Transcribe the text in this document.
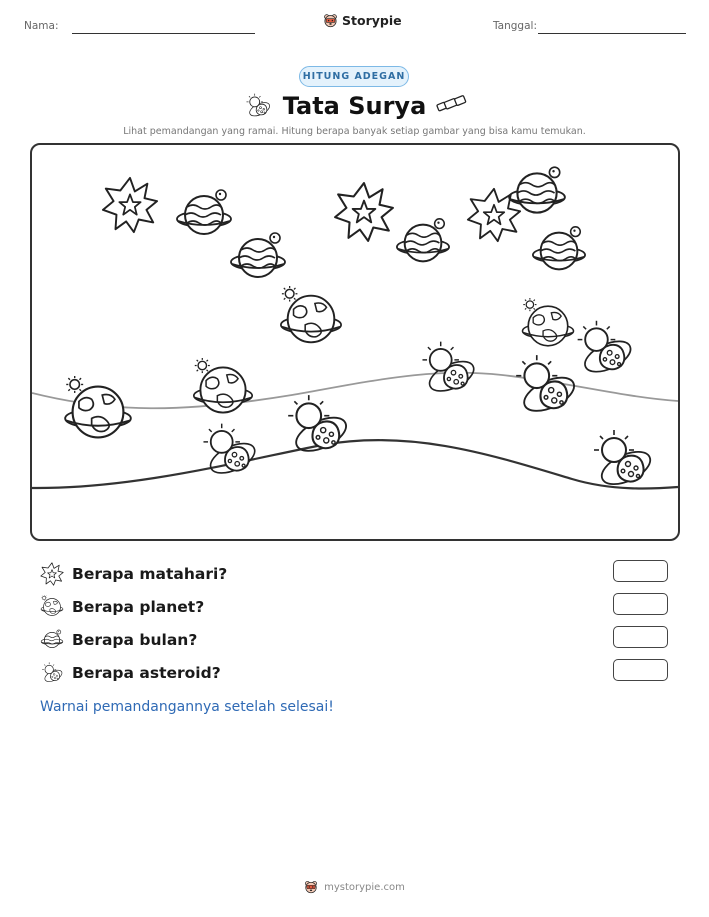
Nama:	Storypie	Tanggal:
HITUNG ADEGAN
Tata Surya
Lihat pemandangan yang ramai. Hitung berapa banyak setiap gambar yang bisa kamu temukan.
Berapa matahari?
Berapa planet?
Berapa bulan?
Berapa asteroid?
Warnai pemandangannya setelah selesai!
mystorypie.com
